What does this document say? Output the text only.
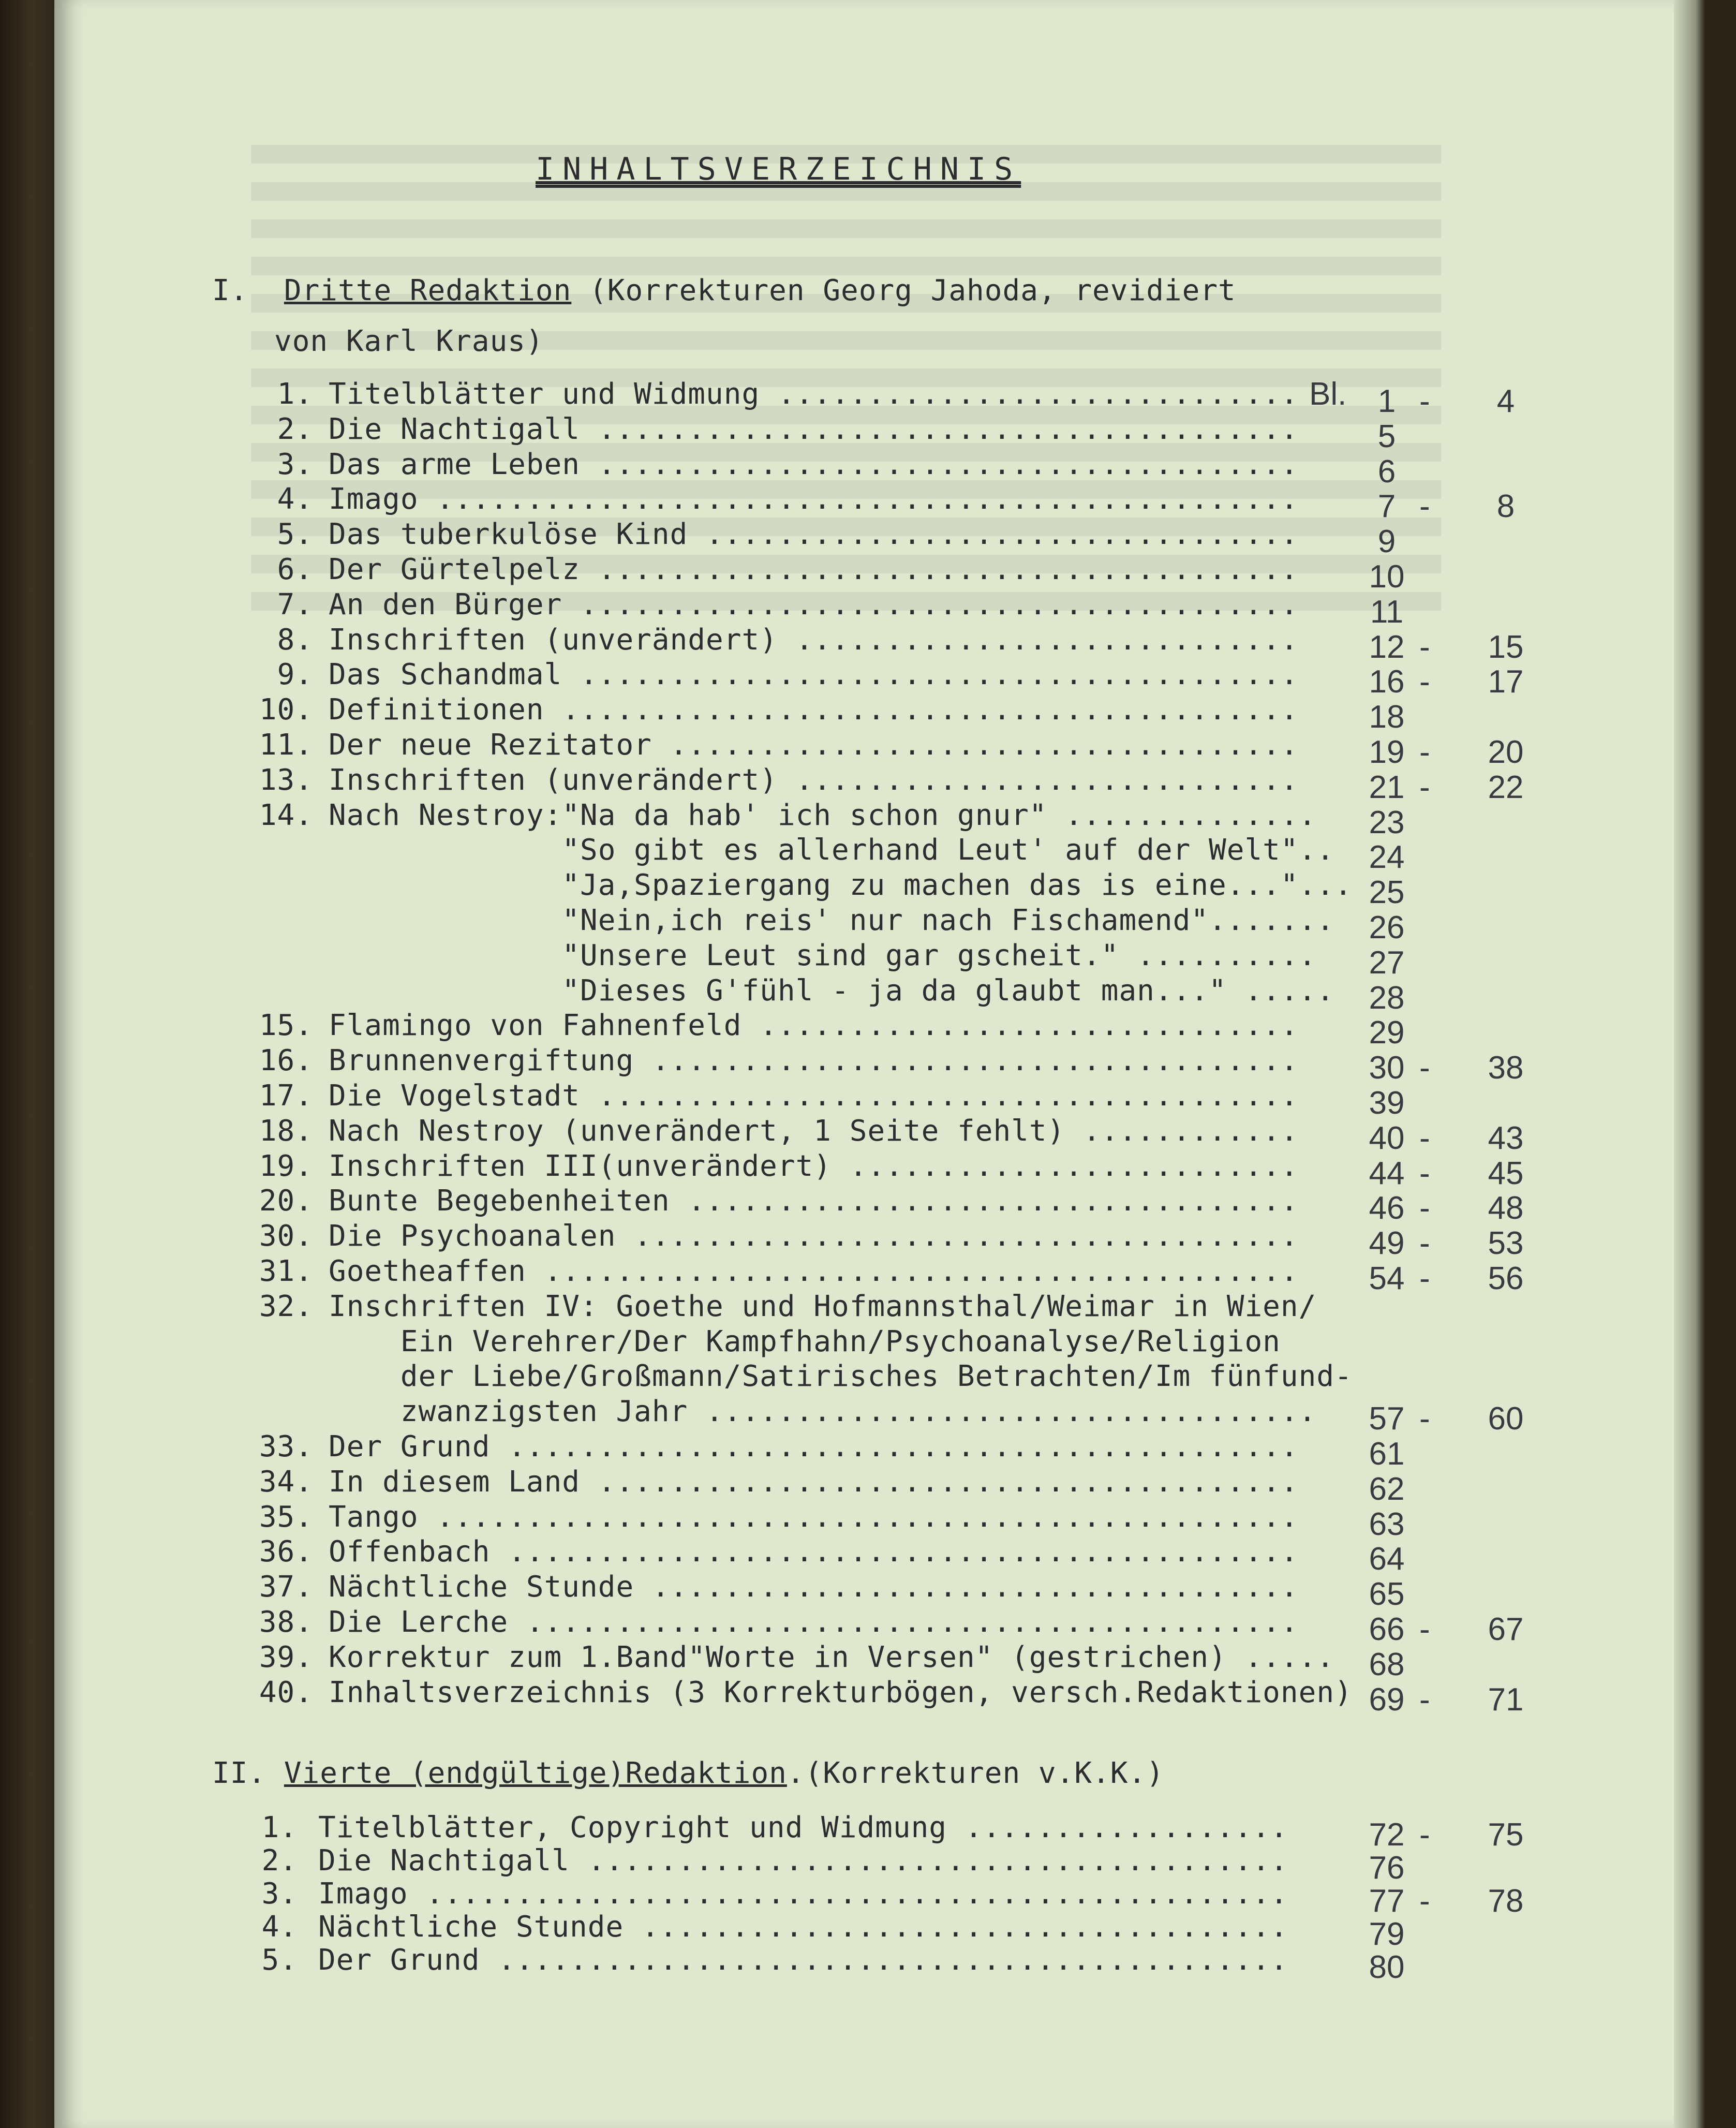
INHALTSVERZEICHNIS
I. Dritte Redaktion (Korrekturen Georg Jahoda, revidiert
von Karl Kraus)
1. Titelblätter und Widmung ............................. Bl. 1 -	4
2. Die Nachtigall .......................................	5
3. Das arme Leben .......................................	6
4. Imago ................................................	7 -	8
5. Das tuberkulöse Kind .................................	9
6. Der Gürtelpelz .......................................	10
7. An den Bürger ........................................	11
8. Inschriften (unverändert) ............................	12 -	15
9. Das Schandmal ........................................	16 -	17
10. Definitionen .........................................	18
11. Der neue Rezitator ...................................	19 -	20
13. Inschriften (unverändert) ............................	21 -	22
14. Nach Nestroy:"Na da hab' ich schon gnur" ..............	23
"So gibt es allerhand Leut' auf der Welt"..	24
"Ja,Spaziergang zu machen das is eine..."... 25
"Nein,ich reis' nur nach Fischamend".......	26
"Unsere Leut sind gar gscheit." ..........	27
"Dieses G'fühl - ja da glaubt man..." .....	28
15. Flamingo von Fahnenfeld ..............................	29
16. Brunnenvergiftung ....................................	30 -	38
17. Die Vogelstadt .......................................	39
18. Nach Nestroy (unverändert, 1 Seite fehlt) ............	40 -	43
19. Inschriften III(unverändert) .........................	44 -	45
20. Bunte Begebenheiten ..................................	46 -	48
30. Die Psychoanalen .....................................	49 -	53
31. Goetheaffen ..........................................	54 -	56
32. Inschriften IV: Goethe und Hofmannsthal/Weimar in Wien/
Ein Verehrer/Der Kampfhahn/Psychoanalyse/Religion
der Liebe/Großmann/Satirisches Betrachten/Im fünfund-
zwanzigsten Jahr ..................................	57 -	60
33. Der Grund ............................................	61
34. In diesem Land .......................................	62
35. Tango ................................................	63
36. Offenbach ............................................	64
37. Nächtliche Stunde ....................................	65
38. Die Lerche ...........................................	66 -	67
39. Korrektur zum 1.Band"Worte in Versen" (gestrichen) .....	68
40. Inhaltsverzeichnis (3 Korrekturbögen, versch.Redaktionen) 69 -	71
II. Vierte (endgültige)Redaktion.(Korrekturen v.K.K.)
1. Titelblätter, Copyright und Widmung ..................	72 -	75
2. Die Nachtigall .......................................	76
3. Imago ................................................	77 -	78
4. Nächtliche Stunde ....................................	79
5. Der Grund ............................................	80
